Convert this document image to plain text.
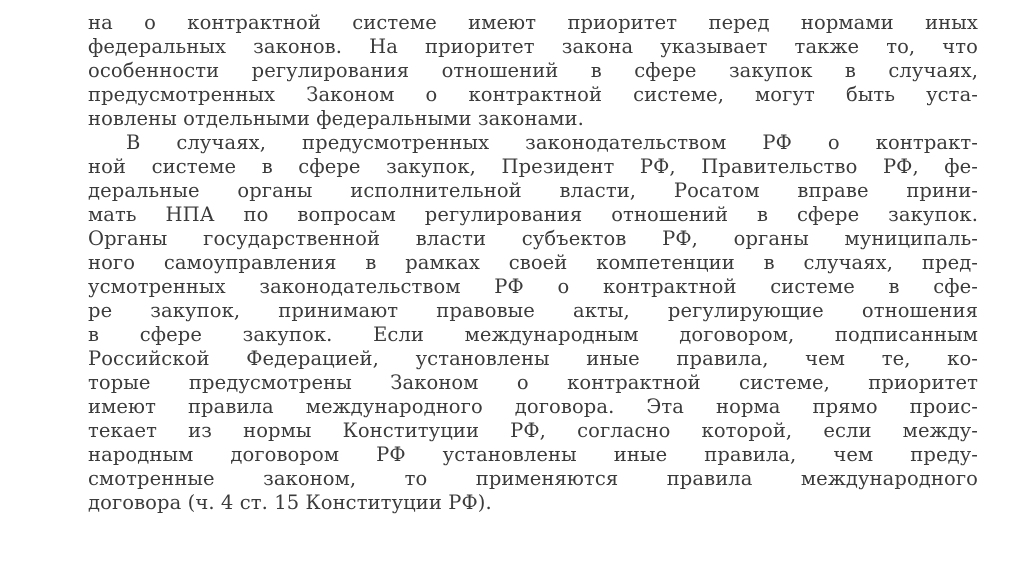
на о контрактной системе имеют приоритет перед нормами иных
федеральных законов. На приоритет закона указывает также то, что
особенности регулирования отношений в сфере закупок в случаях,
предусмотренных Законом о контрактной системе, могут быть уста-
новлены отдельными федеральными законами.
В случаях, предусмотренных законодательством РФ о контракт-
ной системе в сфере закупок, Президент РФ, Правительство РФ, фе-
деральные органы исполнительной власти, Росатом вправе прини-
мать НПА по вопросам регулирования отношений в сфере закупок.
Органы государственной власти субъектов РФ, органы муниципаль-
ного самоуправления в рамках своей компетенции в случаях, пред-
усмотренных законодательством РФ о контрактной системе в сфе-
ре закупок, принимают правовые акты, регулирующие отношения
в сфере закупок. Если международным договором, подписанным
Российской Федерацией, установлены иные правила, чем те, ко-
торые предусмотрены Законом о контрактной системе, приоритет
имеют правила международного договора. Эта норма прямо проис-
текает из нормы Конституции РФ, согласно которой, если между-
народным договором РФ установлены иные правила, чем преду-
смотренные законом, то применяются правила международного
договора (ч. 4 ст. 15 Конституции РФ).
